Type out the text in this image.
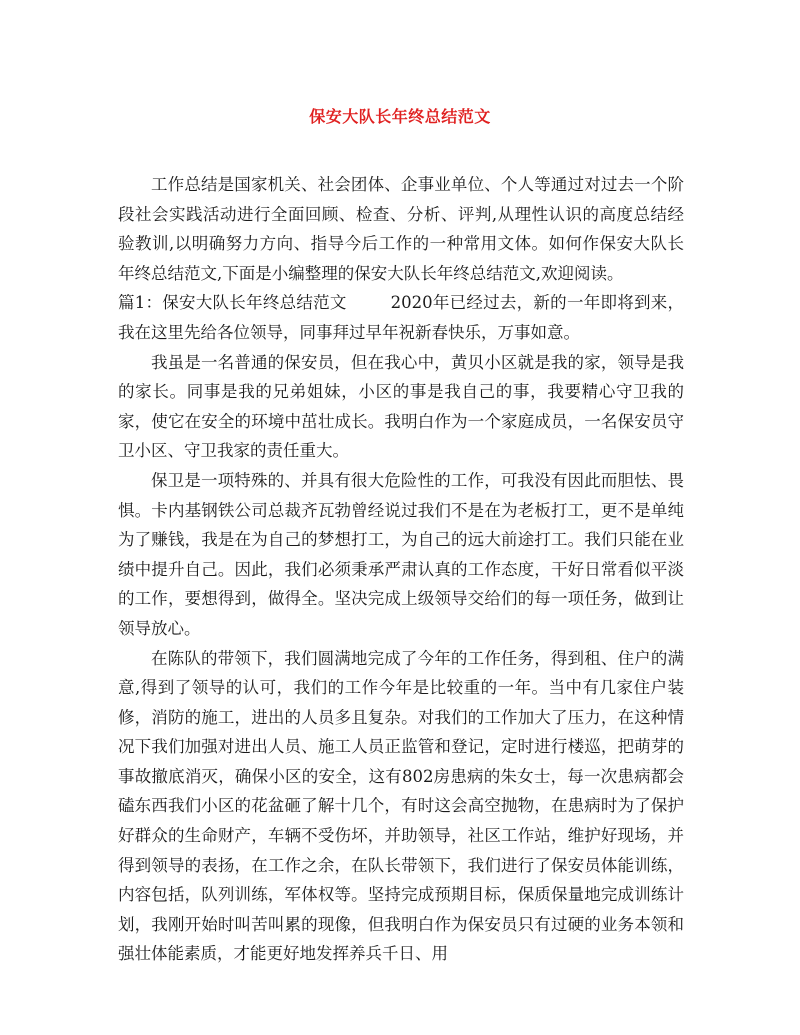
保安大队长年终总结范文

工作总结是国家机关、社会团体、企事业单位、个人等通过对过去一个阶段社会实践活动进行全面回顾、检查、分析、评判,从理性认识的高度总结经验教训,以明确努力方向、指导今后工作的一种常用文体。如何作保安大队长年终总结范文,下面是小编整理的保安大队长年终总结范文,欢迎阅读。

篇1：保安大队长年终总结范文	2020年已经过去，新的一年即将到来，我在这里先给各位领导，同事拜过早年祝新春快乐，万事如意。

我虽是一名普通的保安员，但在我心中，黄贝小区就是我的家，领导是我的家长。同事是我的兄弟姐妹，小区的事是我自己的事，我要精心守卫我的家，使它在安全的环境中茁壮成长。我明白作为一个家庭成员，一名保安员守卫小区、守卫我家的责任重大。

保卫是一项特殊的、并具有很大危险性的工作，可我没有因此而胆怯、畏惧。卡内基钢铁公司总裁齐瓦勃曾经说过我们不是在为老板打工，更不是单纯为了赚钱，我是在为自己的梦想打工，为自己的远大前途打工。我们只能在业绩中提升自己。因此，我们必须秉承严肃认真的工作态度，干好日常看似平淡的工作，要想得到，做得全。坚决完成上级领导交给们的每一项任务，做到让领导放心。

在陈队的带领下，我们圆满地完成了今年的工作任务，得到租、住户的满意,得到了领导的认可，我们的工作今年是比较重的一年。当中有几家住户装修，消防的施工，进出的人员多且复杂。对我们的工作加大了压力，在这种情况下我们加强对进出人员、施工人员正监管和登记，定时进行楼巡，把萌芽的事故撤底消灭，确保小区的安全，这有802房患病的朱女士，每一次患病都会磕东西我们小区的花盆砸了解十几个，有时这会高空抛物，在患病时为了保护好群众的生命财产，车辆不受伤坏，并助领导，社区工作站，维护好现场，并得到领导的表扬，在工作之余，在队长带领下，我们进行了保安员体能训练，内容包括，队列训练，军体权等。坚持完成预期目标，保质保量地完成训练计划，我刚开始时叫苦叫累的现像，但我明白作为保安员只有过硬的业务本领和强壮体能素质，才能更好地发挥养兵千日、用
